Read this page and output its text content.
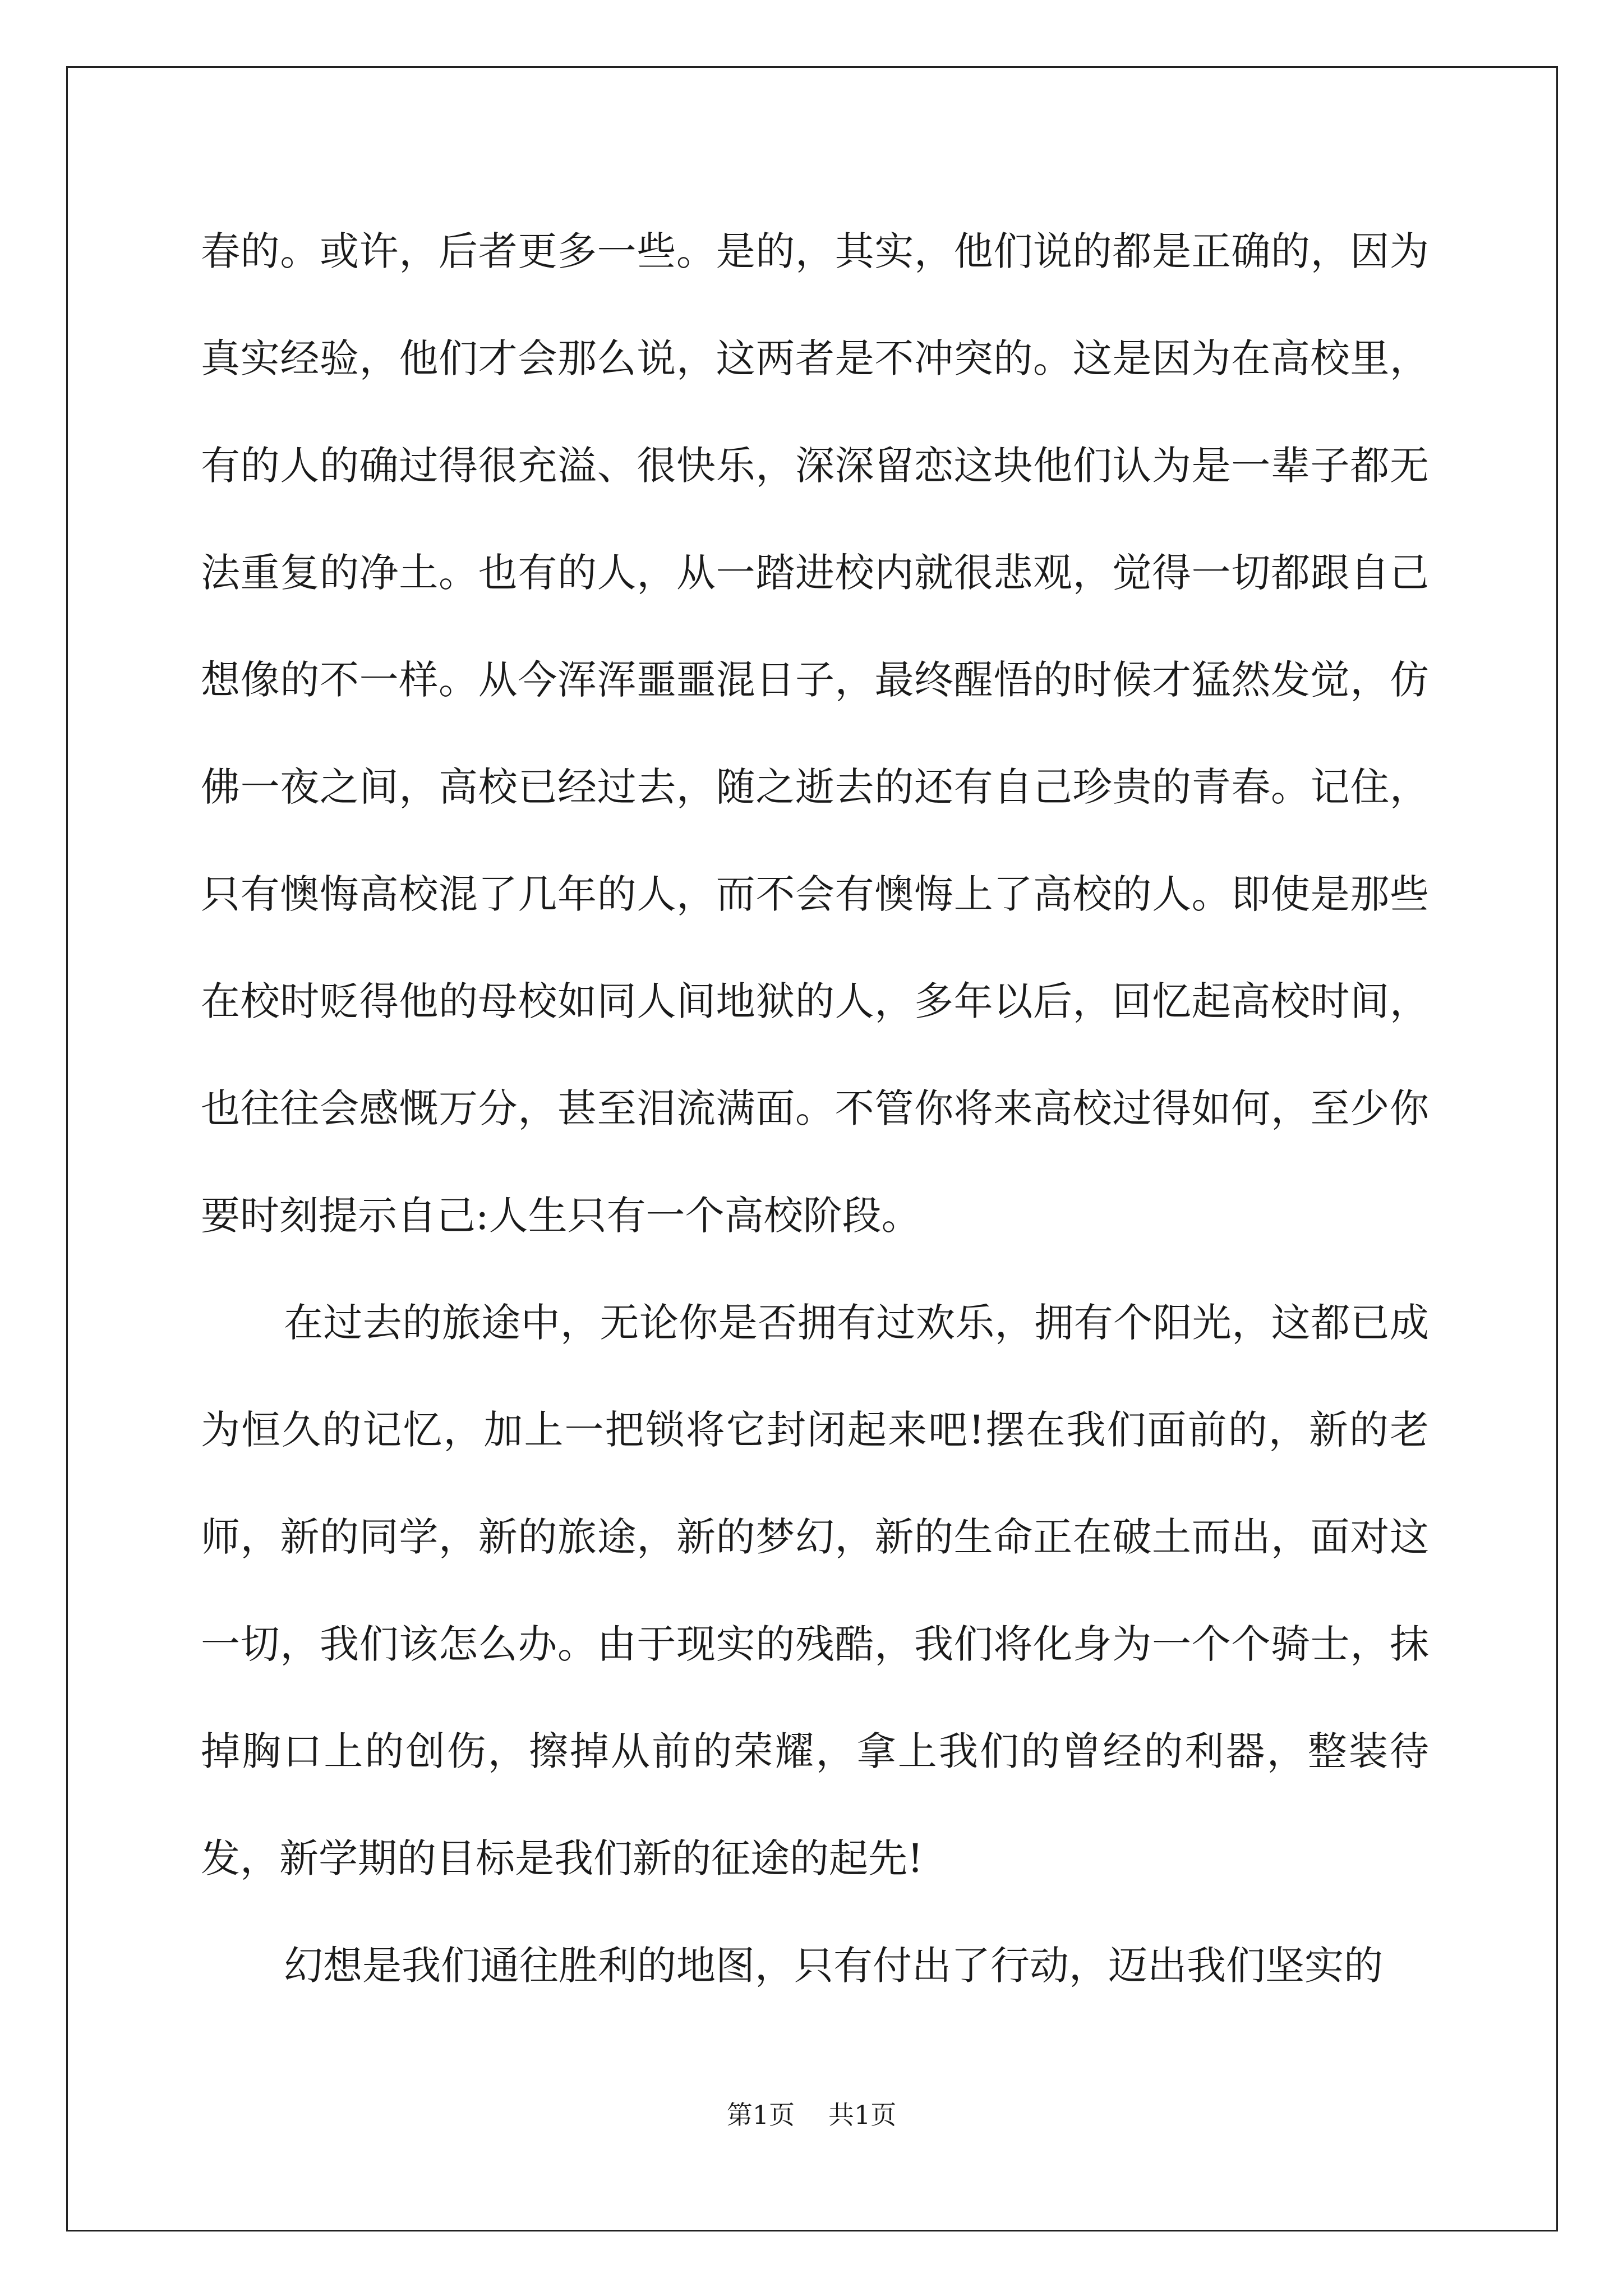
春的。或许，后者更多一些。是的，其实，他们说的都是正确的，因为真实经验，他们才会那么说，这两者是不冲突的。这是因为在高校里，有的人的确过得很充溢、很快乐，深深留恋这块他们认为是一辈子都无法重复的净土。也有的人，从一踏进校内就很悲观，觉得一切都跟自己想像的不一样。从今浑浑噩噩混日子，最终醒悟的时候才猛然发觉，仿佛一夜之间，高校已经过去，随之逝去的还有自己珍贵的青春。记住，只有懊悔高校混了几年的人，而不会有懊悔上了高校的人。即使是那些在校时贬得他的母校如同人间地狱的人，多年以后，回忆起高校时间，也往往会感慨万分，甚至泪流满面。不管你将来高校过得如何，至少你要时刻提示自己:人生只有一个高校阶段。

在过去的旅途中，无论你是否拥有过欢乐，拥有个阳光，这都已成为恒久的记忆，加上一把锁将它封闭起来吧!摆在我们面前的，新的老师，新的同学，新的旅途，新的梦幻，新的生命正在破土而出，面对这一切，我们该怎么办。由于现实的残酷，我们将化身为一个个骑士，抹掉胸口上的创伤，擦掉从前的荣耀，拿上我们的曾经的利器，整装待发，新学期的目标是我们新的征途的起先!

幻想是我们通往胜利的地图，只有付出了行动，迈出我们坚实的

第1页 共1页
